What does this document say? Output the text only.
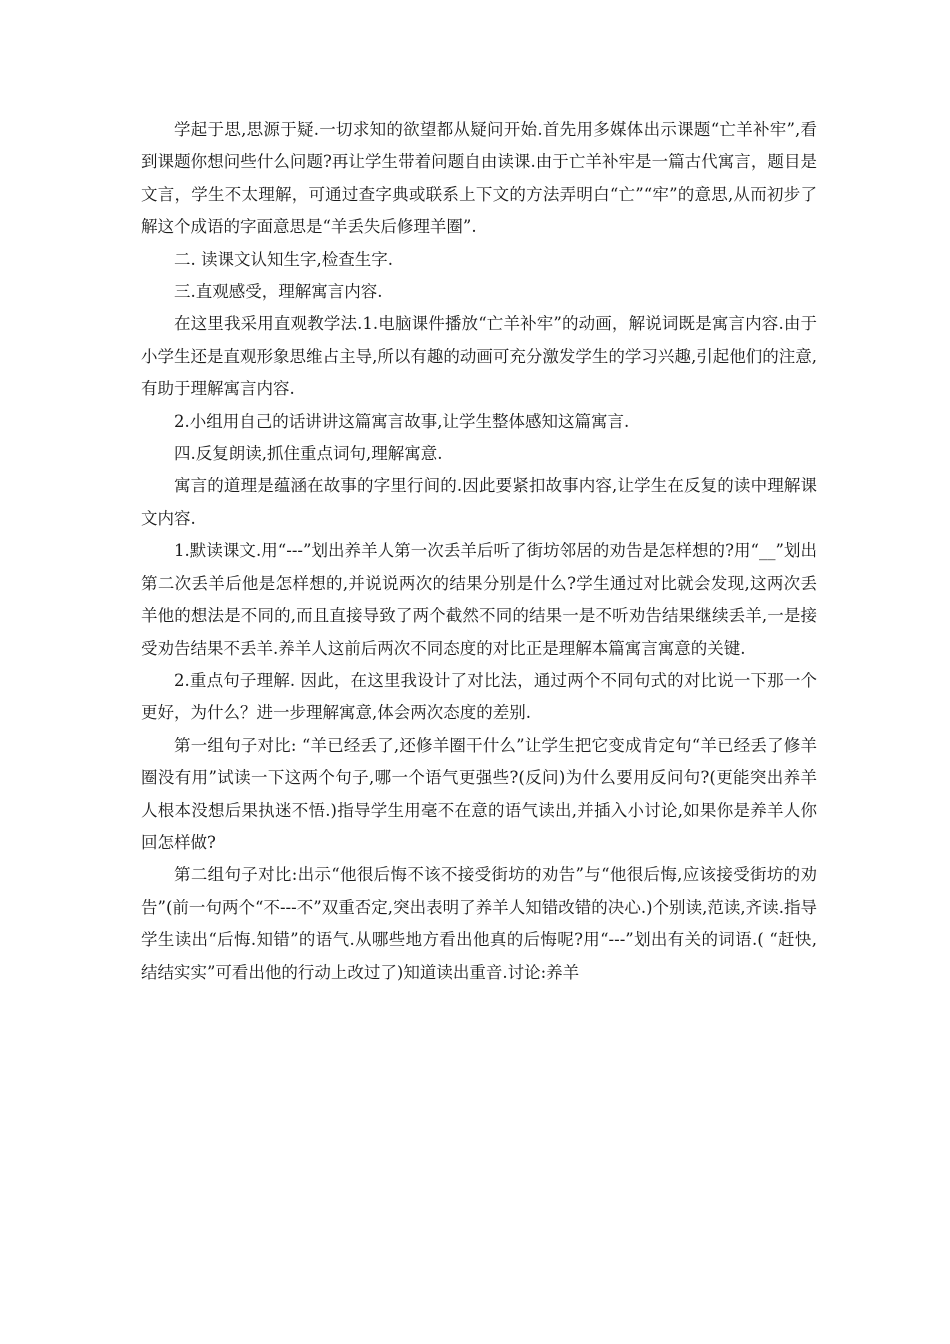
学起于思,思源于疑.一切求知的欲望都从疑问开始.首先用多媒体出示课题“亡羊补牢”,看到课题你想问些什么问题?再让学生带着问题自由读课.由于亡羊补牢是一篇古代寓言，题目是文言，学生不太理解，可通过查字典或联系上下文的方法弄明白“亡”“牢”的意思,从而初步了解这个成语的字面意思是“羊丢失后修理羊圈”.

二. 读课文认知生字,检查生字.

三.直观感受，理解寓言内容.

在这里我采用直观教学法.1.电脑课件播放“亡羊补牢”的动画，解说词既是寓言内容.由于小学生还是直观形象思维占主导,所以有趣的动画可充分激发学生的学习兴趣,引起他们的注意,有助于理解寓言内容.

2.小组用自己的话讲讲这篇寓言故事,让学生整体感知这篇寓言.

四.反复朗读,抓住重点词句,理解寓意.

寓言的道理是蕴涵在故事的字里行间的.因此要紧扣故事内容,让学生在反复的读中理解课文内容.

1.默读课文.用“---”划出养羊人第一次丢羊后听了街坊邻居的劝告是怎样想的?用“__”划出第二次丢羊后他是怎样想的,并说说两次的结果分别是什么?学生通过对比就会发现,这两次丢羊他的想法是不同的,而且直接导致了两个截然不同的结果一是不听劝告结果继续丢羊,一是接受劝告结果不丢羊.养羊人这前后两次不同态度的对比正是理解本篇寓言寓意的关键.

2.重点句子理解. 因此，在这里我设计了对比法，通过两个不同句式的对比说一下那一个更好，为什么？进一步理解寓意,体会两次态度的差别.

第一组句子对比: “羊已经丢了,还修羊圈干什么”让学生把它变成肯定句“羊已经丢了修羊圈没有用”试读一下这两个句子,哪一个语气更强些?(反问)为什么要用反问句?(更能突出养羊人根本没想后果执迷不悟.)指导学生用毫不在意的语气读出,并插入小讨论,如果你是养羊人你回怎样做?

第二组句子对比:出示“他很后悔不该不接受街坊的劝告”与“他很后悔,应该接受街坊的劝告”(前一句两个“不---不”双重否定,突出表明了养羊人知错改错的决心.)个别读,范读,齐读.指导学生读出“后悔.知错”的语气.从哪些地方看出他真的后悔呢?用“---”划出有关的词语.( “赶快,结结实实”可看出他的行动上改过了)知道读出重音.讨论:养羊
